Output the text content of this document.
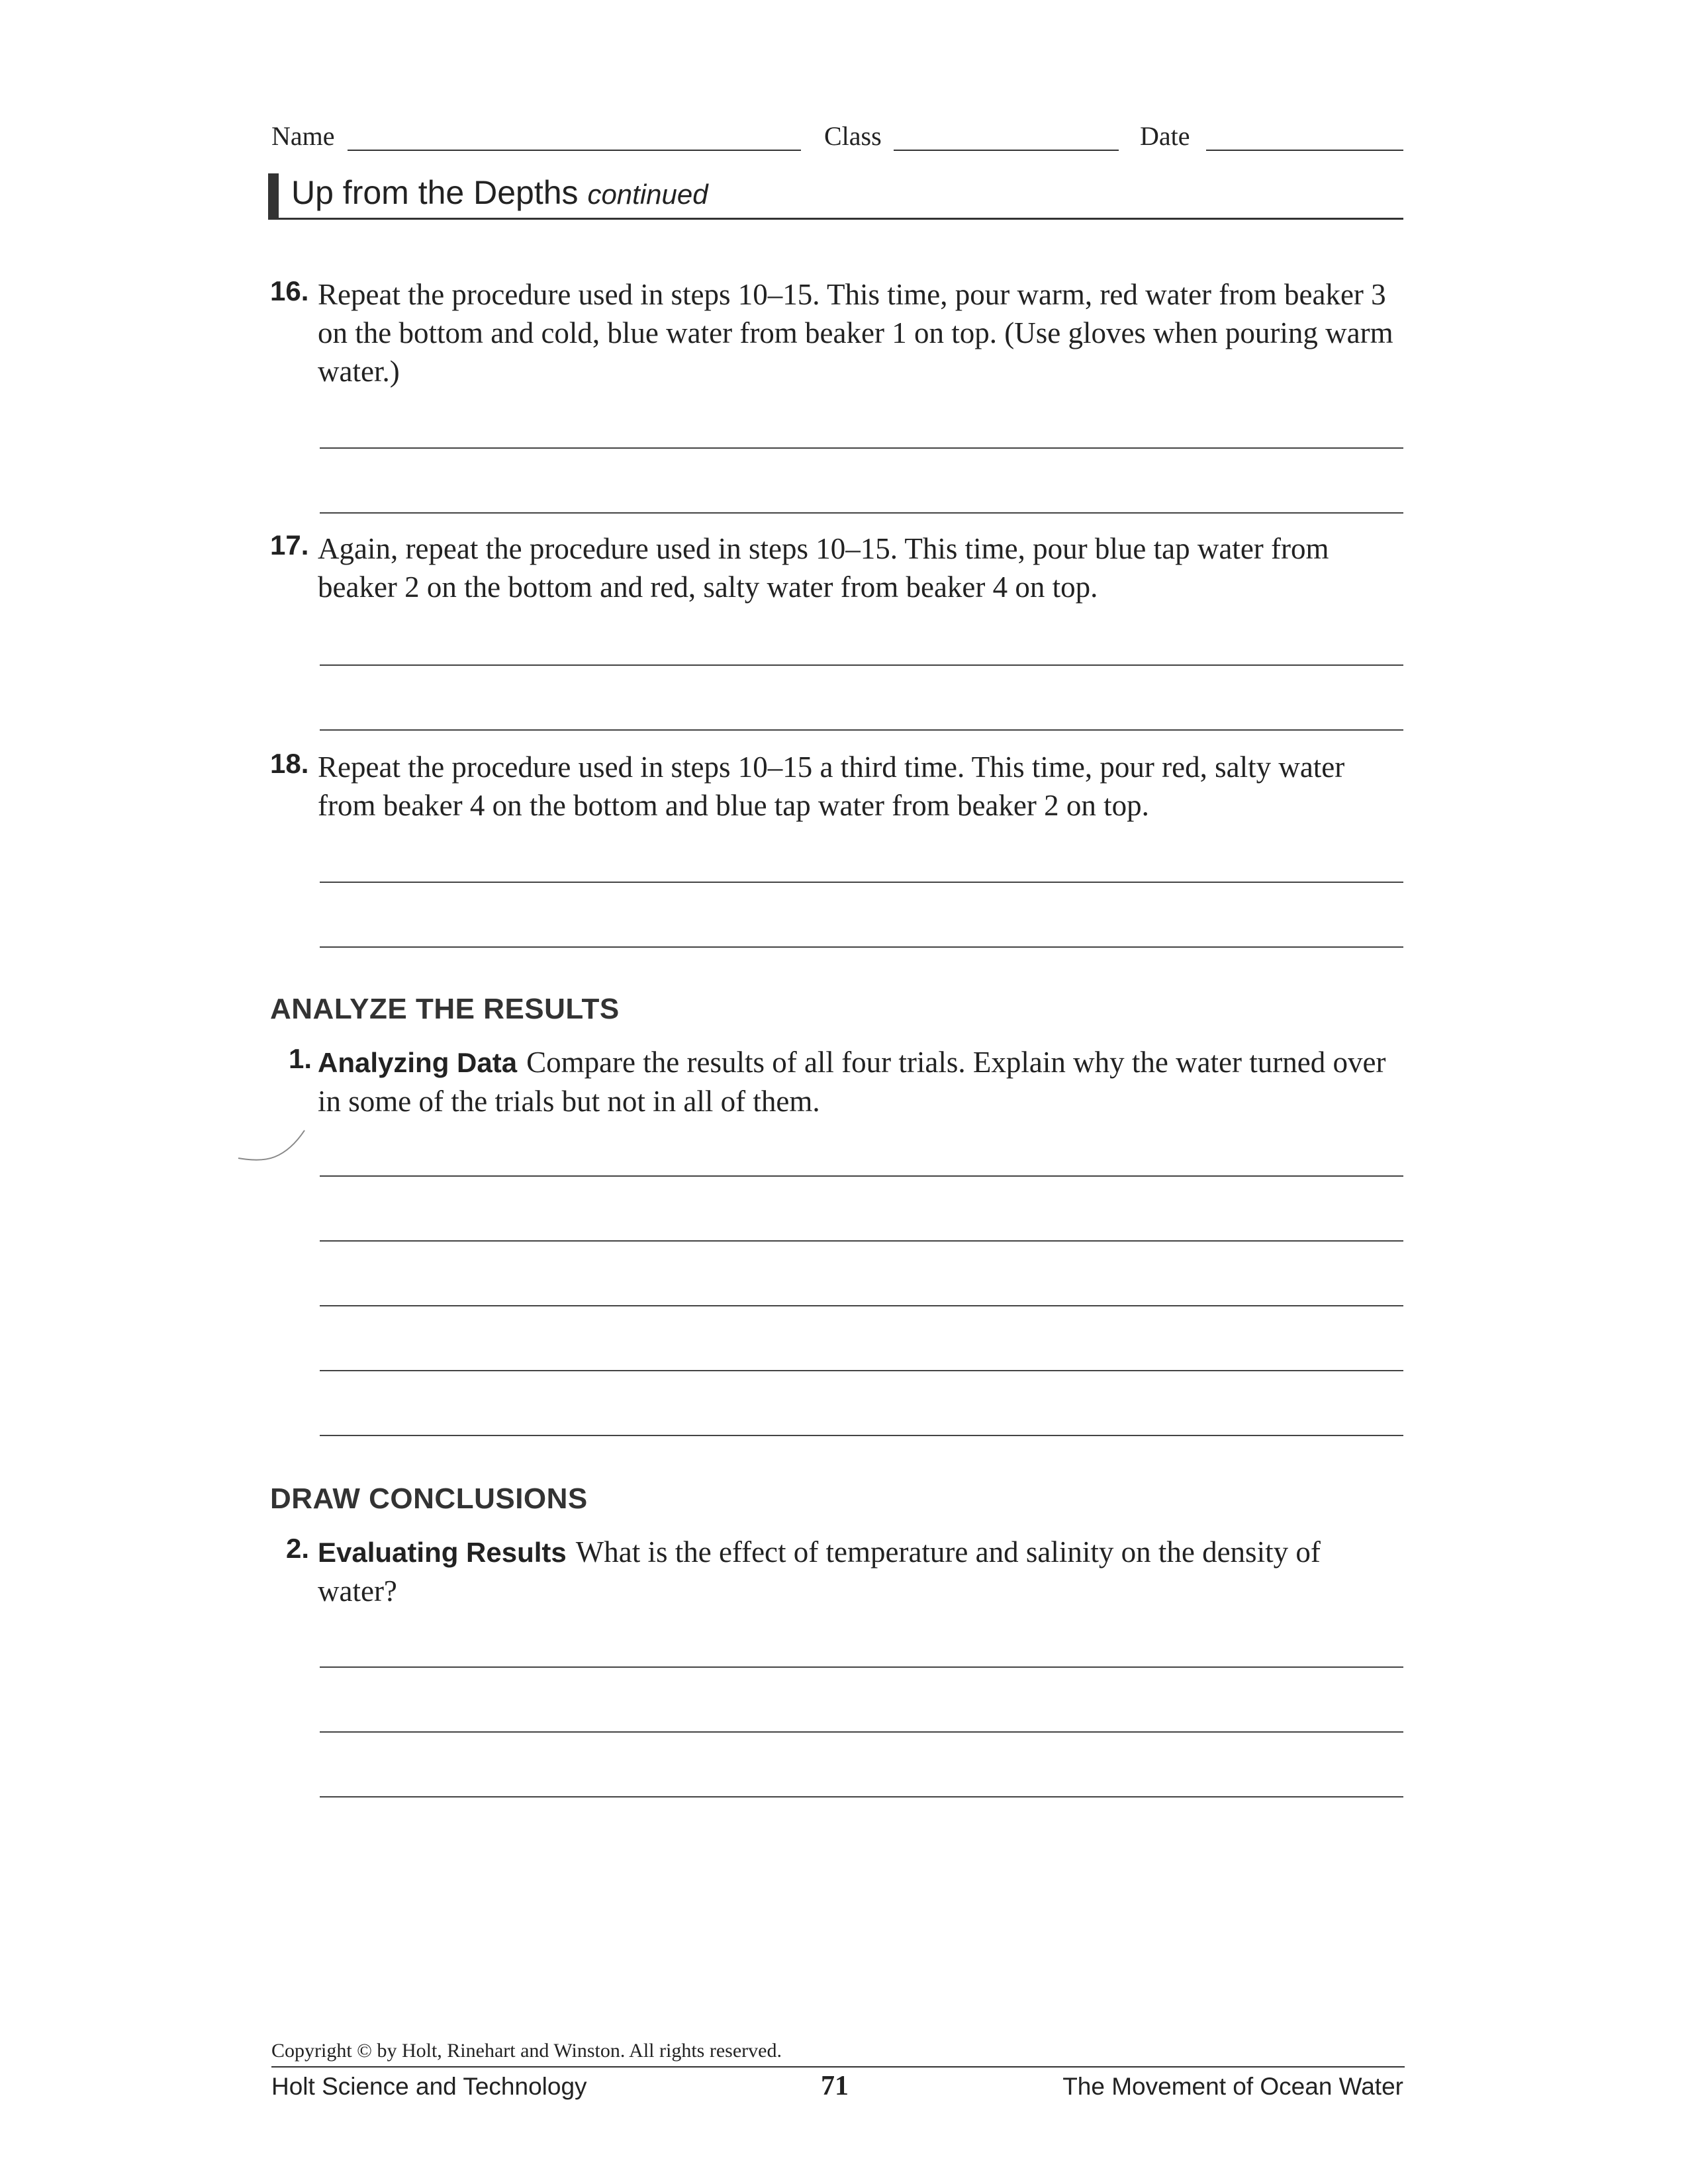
Name	Class	Date
Up from the Depths continued
16. Repeat the procedure used in steps 10–15. This time, pour warm, red water from beaker 3 on the bottom and cold, blue water from beaker 1 on top. (Use gloves when pouring warm water.)
17. Again, repeat the procedure used in steps 10–15. This time, pour blue tap water from beaker 2 on the bottom and red, salty water from beaker 4 on top.
18. Repeat the procedure used in steps 10–15 a third time. This time, pour red, salty water from beaker 4 on the bottom and blue tap water from beaker 2 on top.
ANALYZE THE RESULTS
1. Analyzing Data Compare the results of all four trials. Explain why the water turned over in some of the trials but not in all of them.
DRAW CONCLUSIONS
2. Evaluating Results What is the effect of temperature and salinity on the density of water?
Copyright © by Holt, Rinehart and Winston. All rights reserved.
Holt Science and Technology	71	The Movement of Ocean Water
